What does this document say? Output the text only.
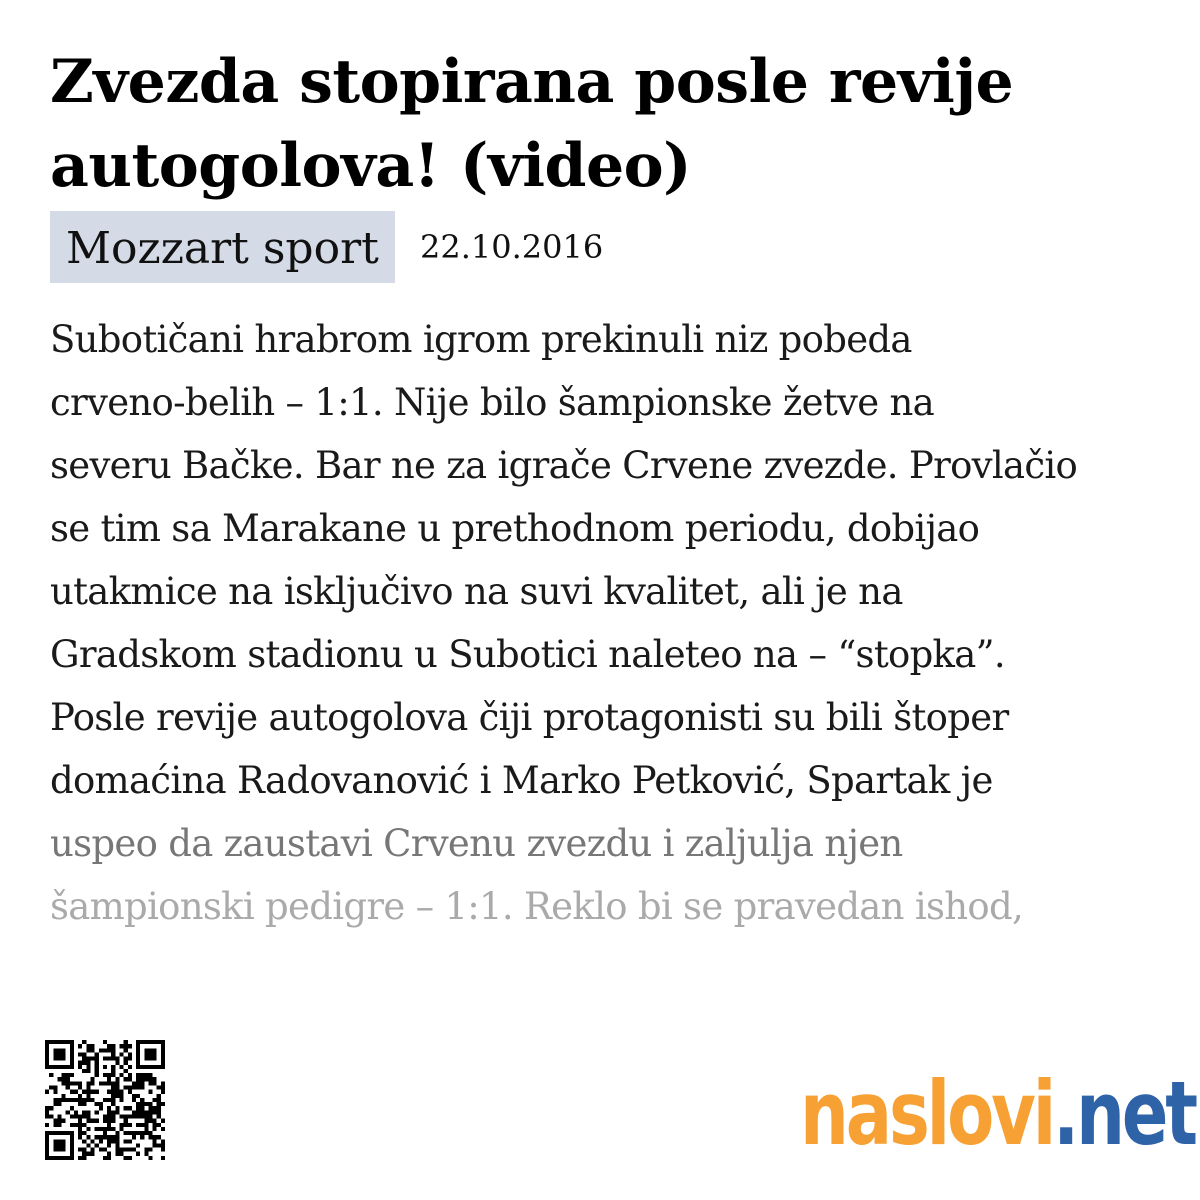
Zvezda stopirana posle revije autogolova! (video)
Mozzart sport	22.10.2016
Subotičani hrabrom igrom prekinuli niz pobeda
crveno-belih – 1:1. Nije bilo šampionske žetve na
severu Bačke. Bar ne za igrače Crvene zvezde. Provlačio
se tim sa Marakane u prethodnom periodu, dobijao
utakmice na isključivo na suvi kvalitet, ali je na
Gradskom stadionu u Subotici naleteo na – “stopka”.
Posle revije autogolova čiji protagonisti su bili štoper
domaćina Radovanović i Marko Petković, Spartak je
uspeo da zaustavi Crvenu zvezdu i zaljulja njen
šampionski pedigre – 1:1. Reklo bi se pravedan ishod,
naslovi.net
